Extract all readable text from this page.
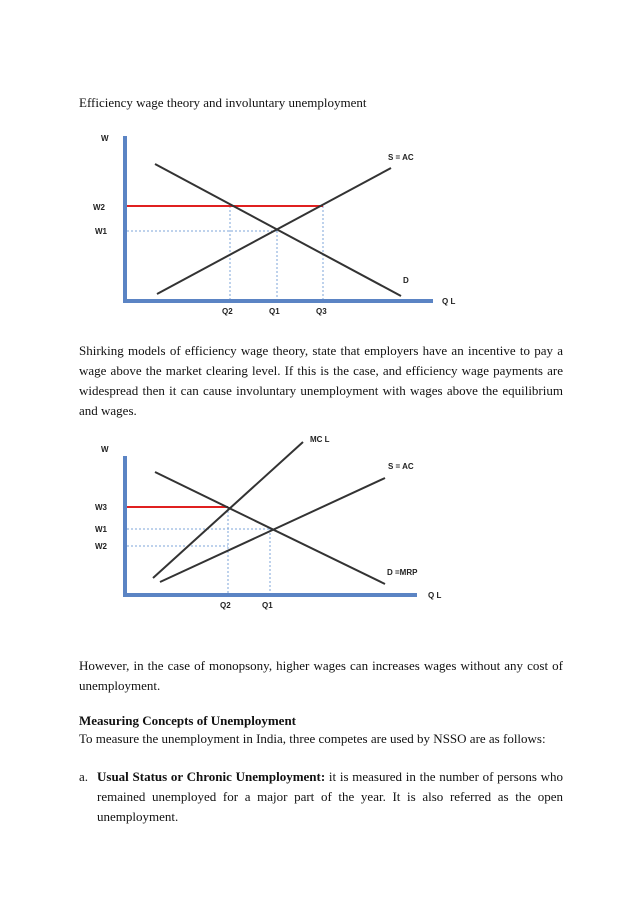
Efficiency wage theory and involuntary unemployment
W
Q L
W2
W1
S = AC
D
Q2	Q1	Q3
Shirking models of efficiency wage theory, state that employers have an incentive to pay a wage above the market clearing level. If this is the case, and efficiency wage payments are widespread then it can cause involuntary unemployment with wages above the equilibrium and wages.
W
Q L
W3
W1
W2
MC L
S = AC
D =MRP
Q2	Q1
However, in the case of monopsony, higher wages can increases wages without any cost of unemployment.
Measuring Concepts of Unemployment
To measure the unemployment in India, three competes are used by NSSO are as follows:
a. Usual Status or Chronic Unemployment: it is measured in the number of persons who remained unemployed for a major part of the year. It is also referred as the open unemployment.
